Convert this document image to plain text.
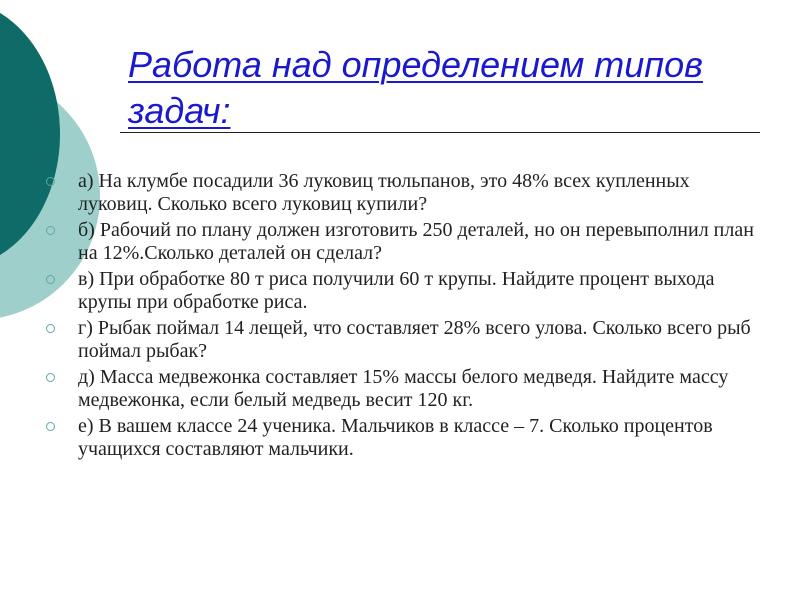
Работа над определением типов задач:
а) На клумбе посадили 36 луковиц тюльпанов, это 48% всех купленных луковиц. Сколько всего луковиц купили?
б) Рабочий по плану должен изготовить 250 деталей, но он перевыполнил план на 12%.Сколько деталей он сделал?
в) При обработке 80 т риса получили 60 т крупы. Найдите процент выхода крупы при обработке риса.
г) Рыбак поймал 14 лещей, что составляет 28% всего улова. Сколько всего рыб поймал рыбак?
д) Масса медвежонка составляет 15% массы белого медведя. Найдите массу медвежонка, если белый медведь весит 120 кг.
е) В вашем классе 24 ученика. Мальчиков в классе – 7. Сколько процентов учащихся составляют мальчики.
